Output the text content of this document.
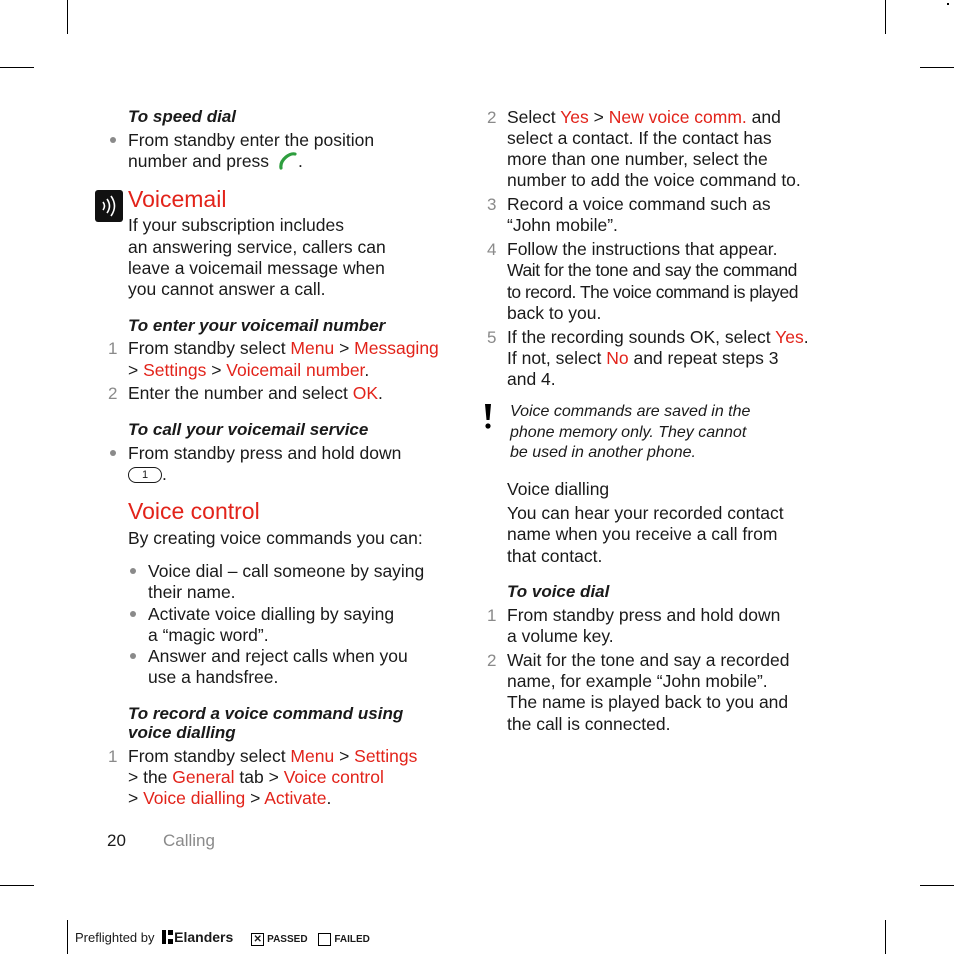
To speed dial
From standby enter the position
number and press .
Voicemail
If your subscription includes
an answering service, callers can
leave a voicemail message when
you cannot answer a call.
To enter your voicemail number
1 From standby select Menu > Messaging
> Settings > Voicemail number.
2 Enter the number and select OK.
To call your voicemail service
From standby press and hold down
1 .
Voice control
By creating voice commands you can:
Voice dial – call someone by saying
their name.
Activate voice dialling by saying
a “magic word”.
Answer and reject calls when you
use a handsfree.
To record a voice command using
voice dialling
1 From standby select Menu > Settings
> the General tab > Voice control
> Voice dialling > Activate.
2 Select Yes > New voice comm. and
select a contact. If the contact has
more than one number, select the
number to add the voice command to.
3 Record a voice command such as
“John mobile”.
4 Follow the instructions that appear.
Wait for the tone and say the command
to record. The voice command is played
back to you.
5 If the recording sounds OK, select Yes.
If not, select No and repeat steps 3
and 4.
Voice commands are saved in the
phone memory only. They cannot
be used in another phone.
Voice dialling
You can hear your recorded contact
name when you receive a call from
that contact.
To voice dial
1 From standby press and hold down
a volume key.
2 Wait for the tone and say a recorded
name, for example “John mobile”.
The name is played back to you and
the call is connected.
20 Calling
Preflighted by Elanders ✕ PASSED	FAILED
